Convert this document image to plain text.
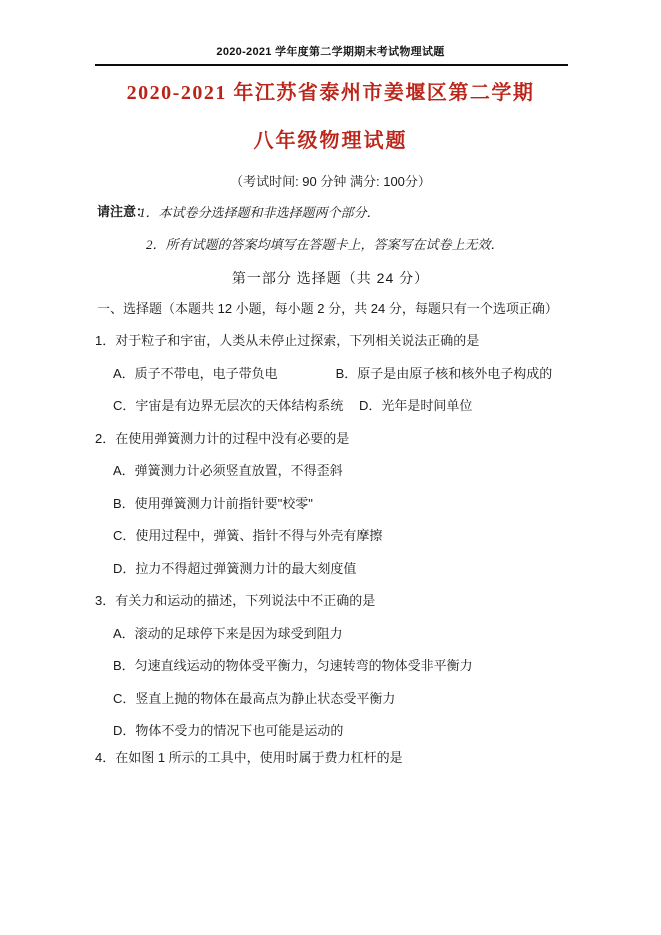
2020-2021 学年度第二学期期末考试物理试题
2020-2021 年江苏省泰州市姜堰区第二学期
八年级物理试题
（考试时间: 90 分钟 满分: 100分）
请注意：
1．本试卷分选择题和非选择题两个部分．
2．所有试题的答案均填写在答题卡上，答案写在试卷上无效．
第一部分 选择题（共 24 分）
一、选择题（本题共 12 小题，每小题 2 分，共 24 分，每题只有一个选项正确）
1．对于粒子和宇宙，人类从未停止过探索，下列相关说法正确的是
A．质子不带电，电子带负电	B．原子是由原子核和核外电子构成的
C．宇宙是有边界无层次的天体结构系统 D．光年是时间单位
2．在使用弹簧测力计的过程中没有必要的是
A．弹簧测力计必须竖直放置，不得歪斜
B．使用弹簧测力计前指针要"校零"
C．使用过程中，弹簧、指针不得与外壳有摩擦
D．拉力不得超过弹簧测力计的最大刻度值
3．有关力和运动的描述，下列说法中不正确的是
A．滚动的足球停下来是因为球受到阻力
B．匀速直线运动的物体受平衡力，匀速转弯的物体受非平衡力
C．竖直上抛的物体在最高点为静止状态受平衡力
D．物体不受力的情况下也可能是运动的
4．在如图 1 所示的工具中，使用时属于费力杠杆的是
